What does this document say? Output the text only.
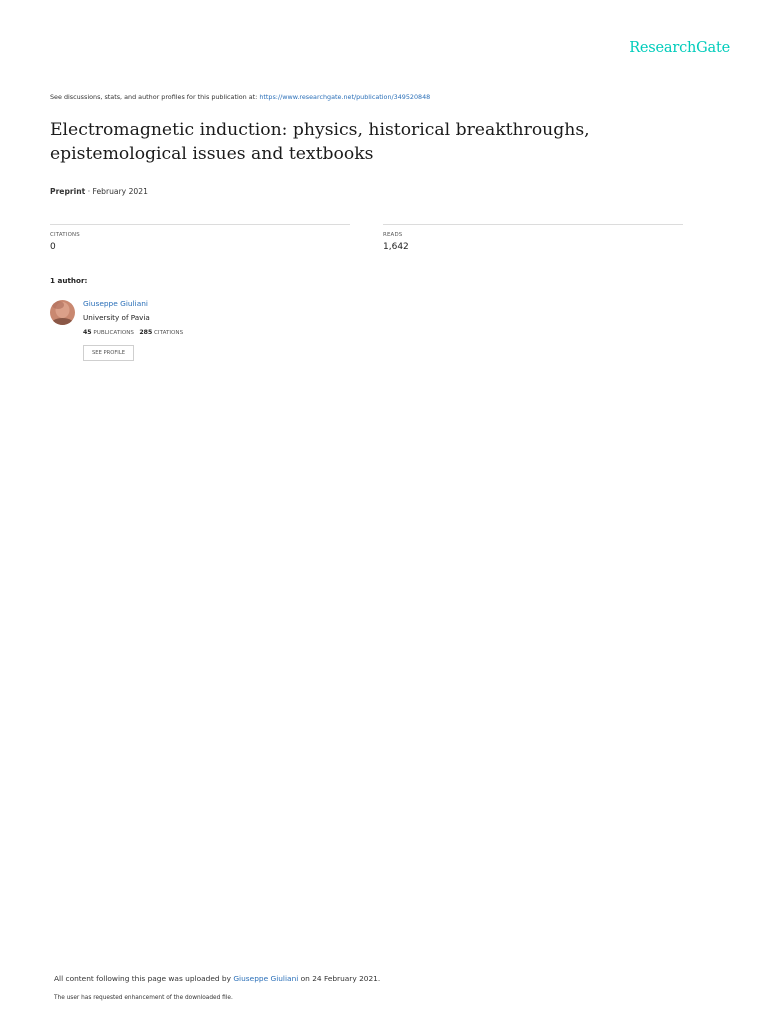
ResearchGate
See discussions, stats, and author profiles for this publication at: https://www.researchgate.net/publication/349520848
Electromagnetic induction: physics, historical breakthroughs, epistemological issues and textbooks
Preprint · February 2021
CITATIONS
0
READS
1,642
1 author:
Giuseppe Giuliani
University of Pavia
45 PUBLICATIONS 285 CITATIONS
SEE PROFILE
All content following this page was uploaded by Giuseppe Giuliani on 24 February 2021.
The user has requested enhancement of the downloaded file.
